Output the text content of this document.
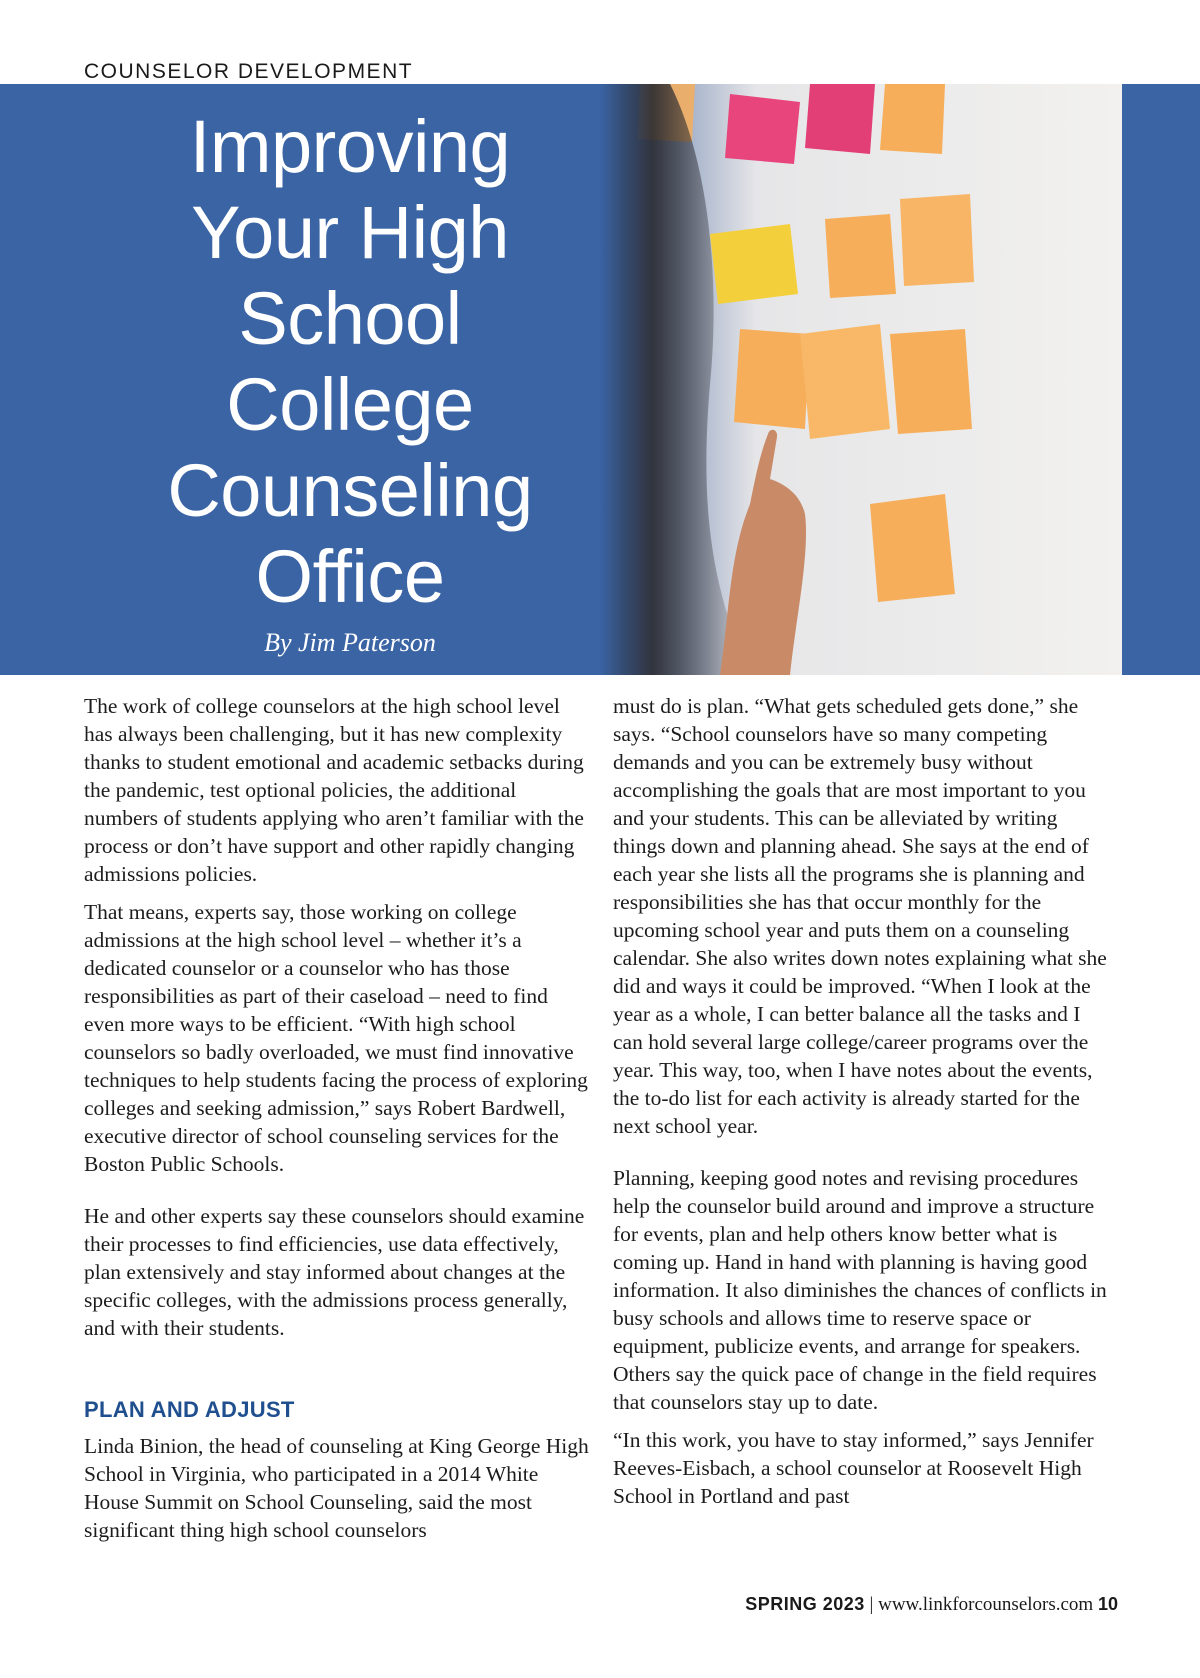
COUNSELOR DEVELOPMENT
Improving
Your High
School
College
Counseling
Office
By Jim Paterson

The work of college counselors at the high school level has always been challenging, but it has new complexity thanks to student emotional and academic setbacks during the pandemic, test optional policies, the additional numbers of students applying who aren’t familiar with the process or don’t have support and other rapidly changing admissions policies.

That means, experts say, those working on college admissions at the high school level – whether it’s a dedicated counselor or a counselor who has those responsibilities as part of their caseload – need to find even more ways to be efficient. “With high school counselors so badly overloaded, we must find innovative techniques to help students facing the process of exploring colleges and seeking admission,” says Robert Bardwell, executive director of school counseling services for the Boston Public Schools.

He and other experts say these counselors should examine their processes to find efficiencies, use data effectively, plan extensively and stay informed about changes at the specific colleges, with the admissions process generally, and with their students.

PLAN AND ADJUST

Linda Binion, the head of counseling at King George High School in Virginia, who participated in a 2014 White House Summit on School Counseling, said the most significant thing high school counselors

must do is plan. “What gets scheduled gets done,” she says. “School counselors have so many competing demands and you can be extremely busy without accomplishing the goals that are most important to you and your students. This can be alleviated by writing things down and planning ahead. She says at the end of each year she lists all the programs she is planning and responsibilities she has that occur monthly for the upcoming school year and puts them on a counseling calendar. She also writes down notes explaining what she did and ways it could be improved. “When I look at the year as a whole, I can better balance all the tasks and I can hold several large college/career programs over the year. This way, too, when I have notes about the events, the to-do list for each activity is already started for the next school year.

Planning, keeping good notes and revising procedures help the counselor build around and improve a structure for events, plan and help others know better what is coming up. Hand in hand with planning is having good information. It also diminishes the chances of conflicts in busy schools and allows time to reserve space or equipment, publicize events, and arrange for speakers. Others say the quick pace of change in the field requires that counselors stay up to date.

“In this work, you have to stay informed,” says Jennifer Reeves-Eisbach, a school counselor at Roosevelt High School in Portland and past

SPRING 2023 | www.linkforcounselors.com 10
